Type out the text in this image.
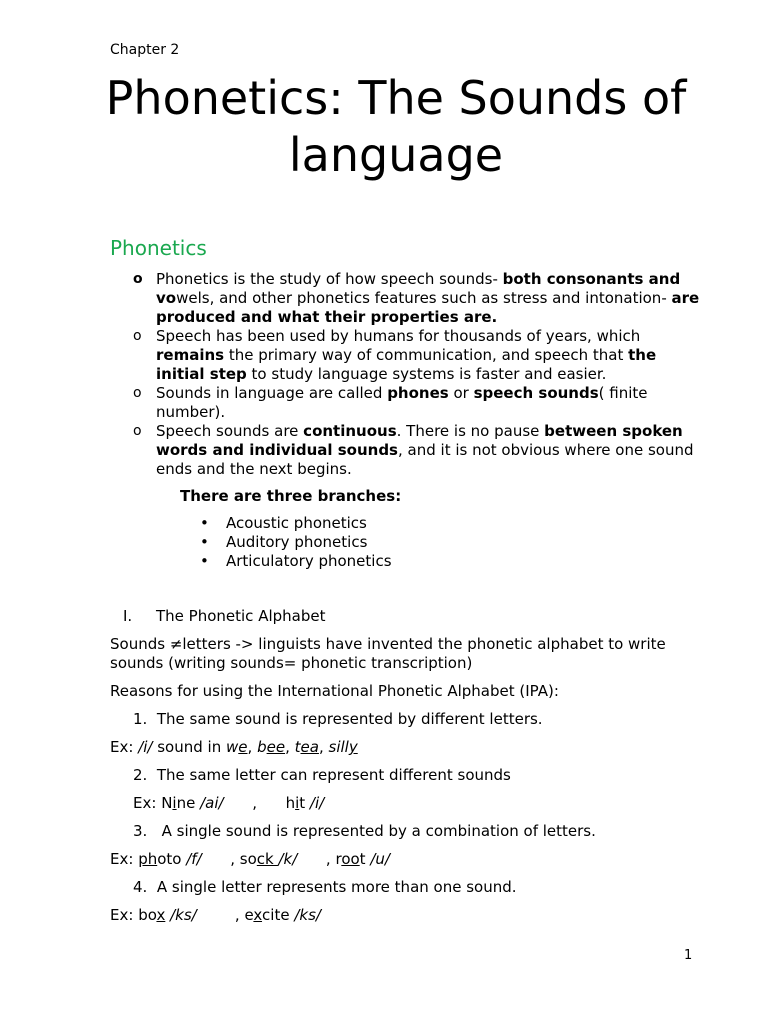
Chapter 2
Phonetics: The Sounds of language
Phonetics
o Phonetics is the study of how speech sounds- both consonants and vowels, and other phonetics features such as stress and intonation- are produced and what their properties are.
o Speech has been used by humans for thousands of years, which remains the primary way of communication, and speech that the initial step to study language systems is faster and easier.
o Sounds in language are called phones or speech sounds( finite number).
o Speech sounds are continuous. There is no pause between spoken words and individual sounds, and it is not obvious where one sound ends and the next begins.
There are three branches:
• Acoustic phonetics
• Auditory phonetics
• Articulatory phonetics
I. The Phonetic Alphabet
Sounds ≠letters -> linguists have invented the phonetic alphabet to write sounds (writing sounds= phonetic transcription)
Reasons for using the International Phonetic Alphabet (IPA):
1. The same sound is represented by different letters.
Ex: /i/ sound in we, bee, tea, silly
2. The same letter can represent different sounds
Ex: Nine /ai/ , hit /i/
3.   A single sound is represented by a combination of letters.
Ex: photo /f/ , sock /k/ , root /u/
4. A single letter represents more than one sound.
Ex: box /ks/	, excite /ks/
1
